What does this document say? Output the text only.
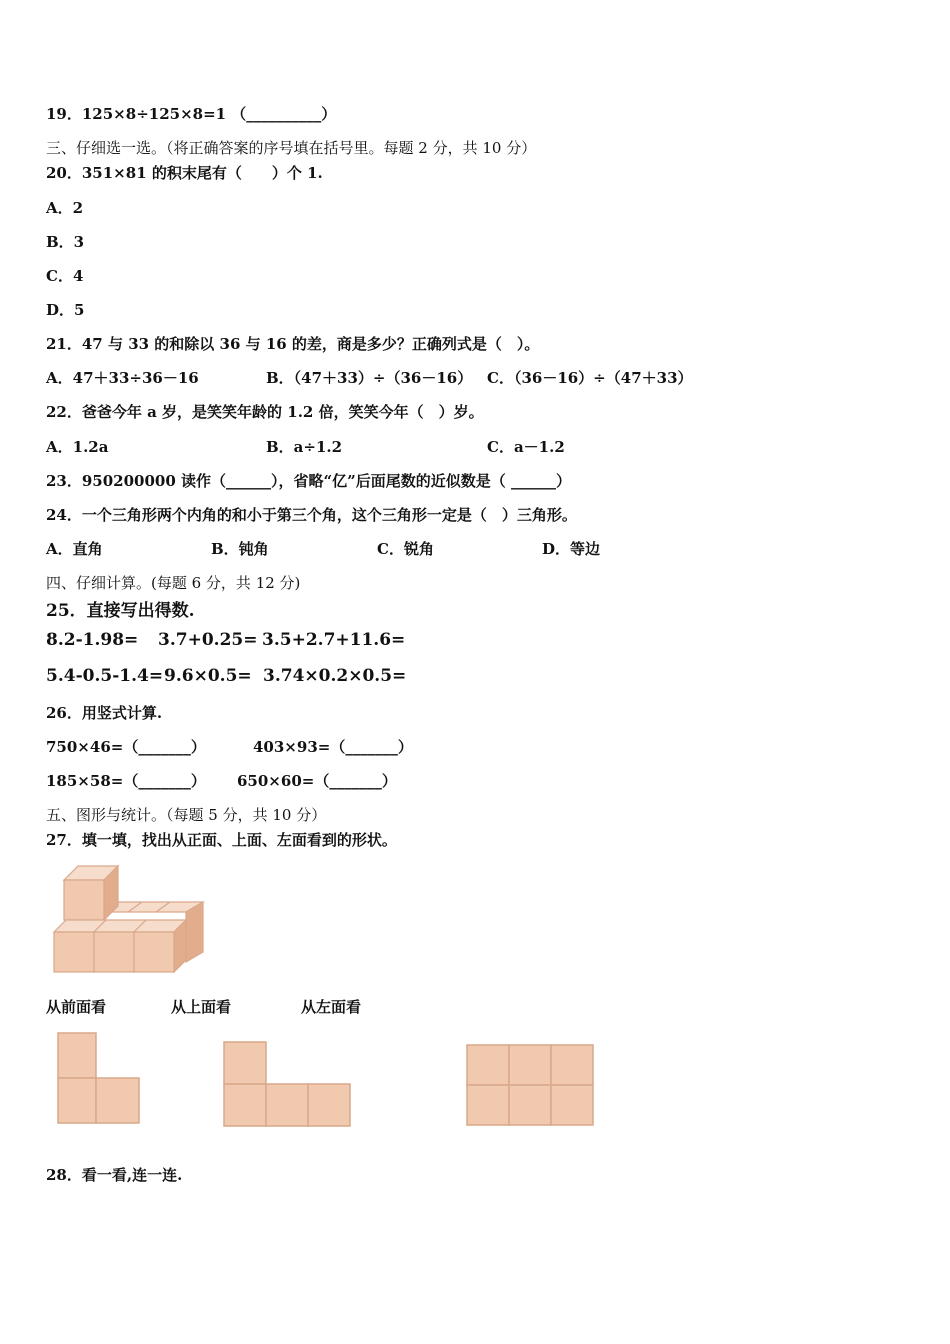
19．125×8÷125×8=1 （__________）
三、仔细选一选。（将正确答案的序号填在括号里。每题 2 分，共 10 分）
20．351×81 的积末尾有（　　）个 1.
A．2
B．3
C．4
D．5
21．47 与 33 的和除以 36 与 16 的差，商是多少？正确列式是（　）。
A．47＋33÷36－16	B．（47＋33）÷（36－16） C．（36－16）÷（47＋33）
22．爸爸今年 a 岁，是笑笑年龄的 1.2 倍，笑笑今年（　）岁。
A．1.2a	B．a÷1.2	C．a－1.2
23．950200000 读作（______），省略“亿”后面尾数的近似数是（ ______）
24．一个三角形两个内角的和小于第三个角，这个三角形一定是（　）三角形。
A．直角	B．钝角	C．锐角	D．等边
四、仔细计算。(每题 6 分，共 12 分)
25．直接写出得数.
8.2-1.98= 3.7+0.25= 3.5+2.7+11.6=
5.4-0.5-1.4= 9.6×0.5= 3.74×0.2×0.5=
26．用竖式计算.
750×46=（_______）	403×93=（_______）
185×58=（_______） 650×60=（_______）
五、图形与统计。（每题 5 分，共 10 分）
27．填一填，找出从正面、上面、左面看到的形状。
从前面看	从上面看	从左面看
28．看一看,连一连.
